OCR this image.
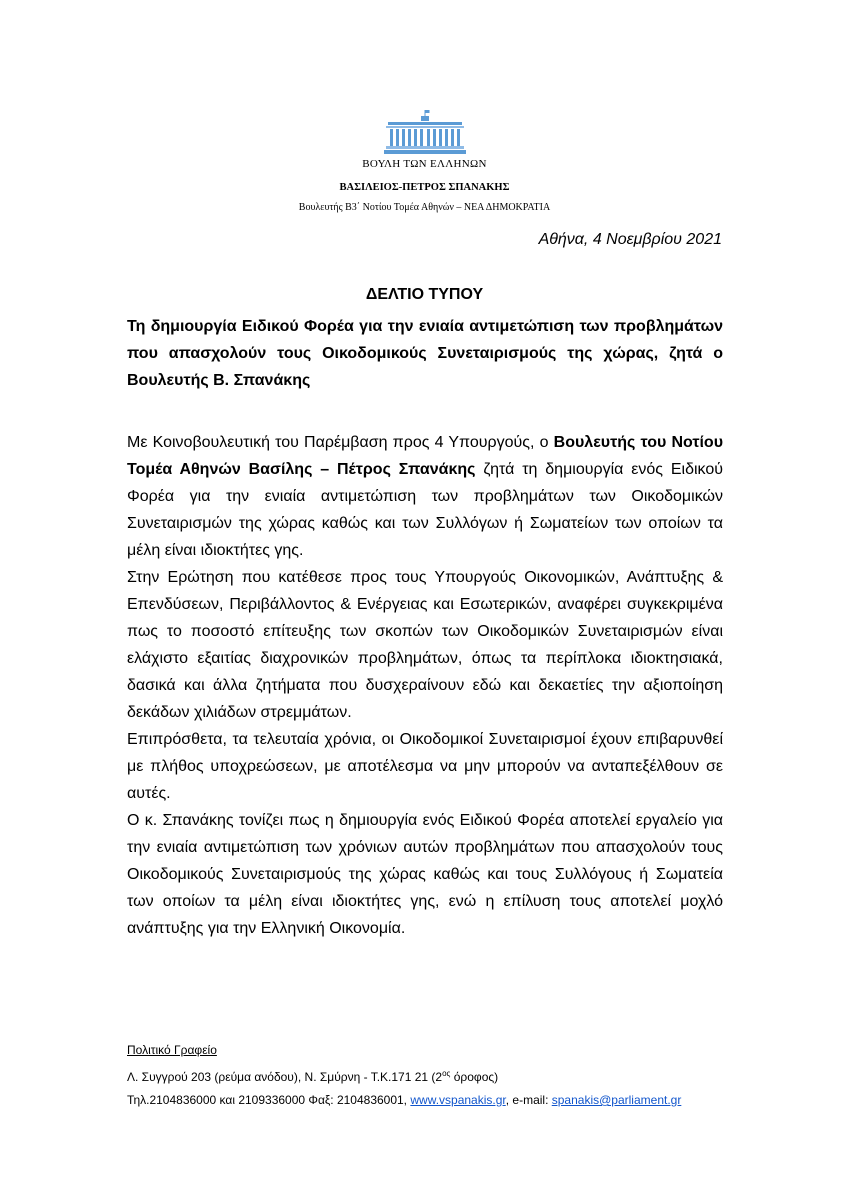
ΒΟΥΛΗ ΤΩΝ ΕΛΛΗΝΩΝ
ΒΑΣΙΛΕΙΟΣ-ΠΕΤΡΟΣ ΣΠΑΝΑΚΗΣ
Βουλευτής Β3΄ Νοτίου Τομέα Αθηνών – ΝΕΑ ΔΗΜΟΚΡΑΤΙΑ
Αθήνα, 4 Νοεμβρίου 2021
ΔΕΛΤΙΟ ΤΥΠΟΥ
Τη δημιουργία Ειδικού Φορέα για την ενιαία αντιμετώπιση των προβλημάτων που απασχολούν τους Οικοδομικούς Συνεταιρισμούς της χώρας, ζητά ο Βουλευτής Β. Σπανάκης

Με Κοινοβουλευτική του Παρέμβαση προς 4 Υπουργούς, ο Βουλευτής του Νοτίου Τομέα Αθηνών Βασίλης – Πέτρος Σπανάκης ζητά τη δημιουργία ενός Ειδικού Φορέα για την ενιαία αντιμετώπιση των προβλημάτων των Οικοδομικών Συνεταιρισμών της χώρας καθώς και των Συλλόγων ή Σωματείων των οποίων τα μέλη είναι ιδιοκτήτες γης.

Στην Ερώτηση που κατέθεσε προς τους Υπουργούς Οικονομικών, Ανάπτυξης & Επενδύσεων, Περιβάλλοντος & Ενέργειας και Εσωτερικών, αναφέρει συγκεκριμένα πως το ποσοστό επίτευξης των σκοπών των Οικοδομικών Συνεταιρισμών είναι ελάχιστο εξαιτίας διαχρονικών προβλημάτων, όπως τα περίπλοκα ιδιοκτησιακά, δασικά και άλλα ζητήματα που δυσχεραίνουν εδώ και δεκαετίες την αξιοποίηση δεκάδων χιλιάδων στρεμμάτων.

Επιπρόσθετα, τα τελευταία χρόνια, οι Οικοδομικοί Συνεταιρισμοί έχουν επιβαρυνθεί με πλήθος υποχρεώσεων, με αποτέλεσμα να μην μπορούν να ανταπεξέλθουν σε αυτές.

Ο κ. Σπανάκης τονίζει πως η δημιουργία ενός Ειδικού Φορέα αποτελεί εργαλείο για την ενιαία αντιμετώπιση των χρόνιων αυτών προβλημάτων που απασχολούν τους Οικοδομικούς Συνεταιρισμούς της χώρας καθώς και τους Συλλόγους ή Σωματεία των οποίων τα μέλη είναι ιδιοκτήτες γης, ενώ η επίλυση τους αποτελεί μοχλό ανάπτυξης για την Ελληνική Οικονομία.

Πολιτικό Γραφείο
Λ. Συγγρού 203 (ρεύμα ανόδου), Ν. Σμύρνη - Τ.Κ.171 21 ($2^{o\varsigma}$ όροφος)
Τηλ.2104836000 και 2109336000 Φαξ: 2104836001, www.vspanakis.gr, e-mail: spanakis@parliament.gr
